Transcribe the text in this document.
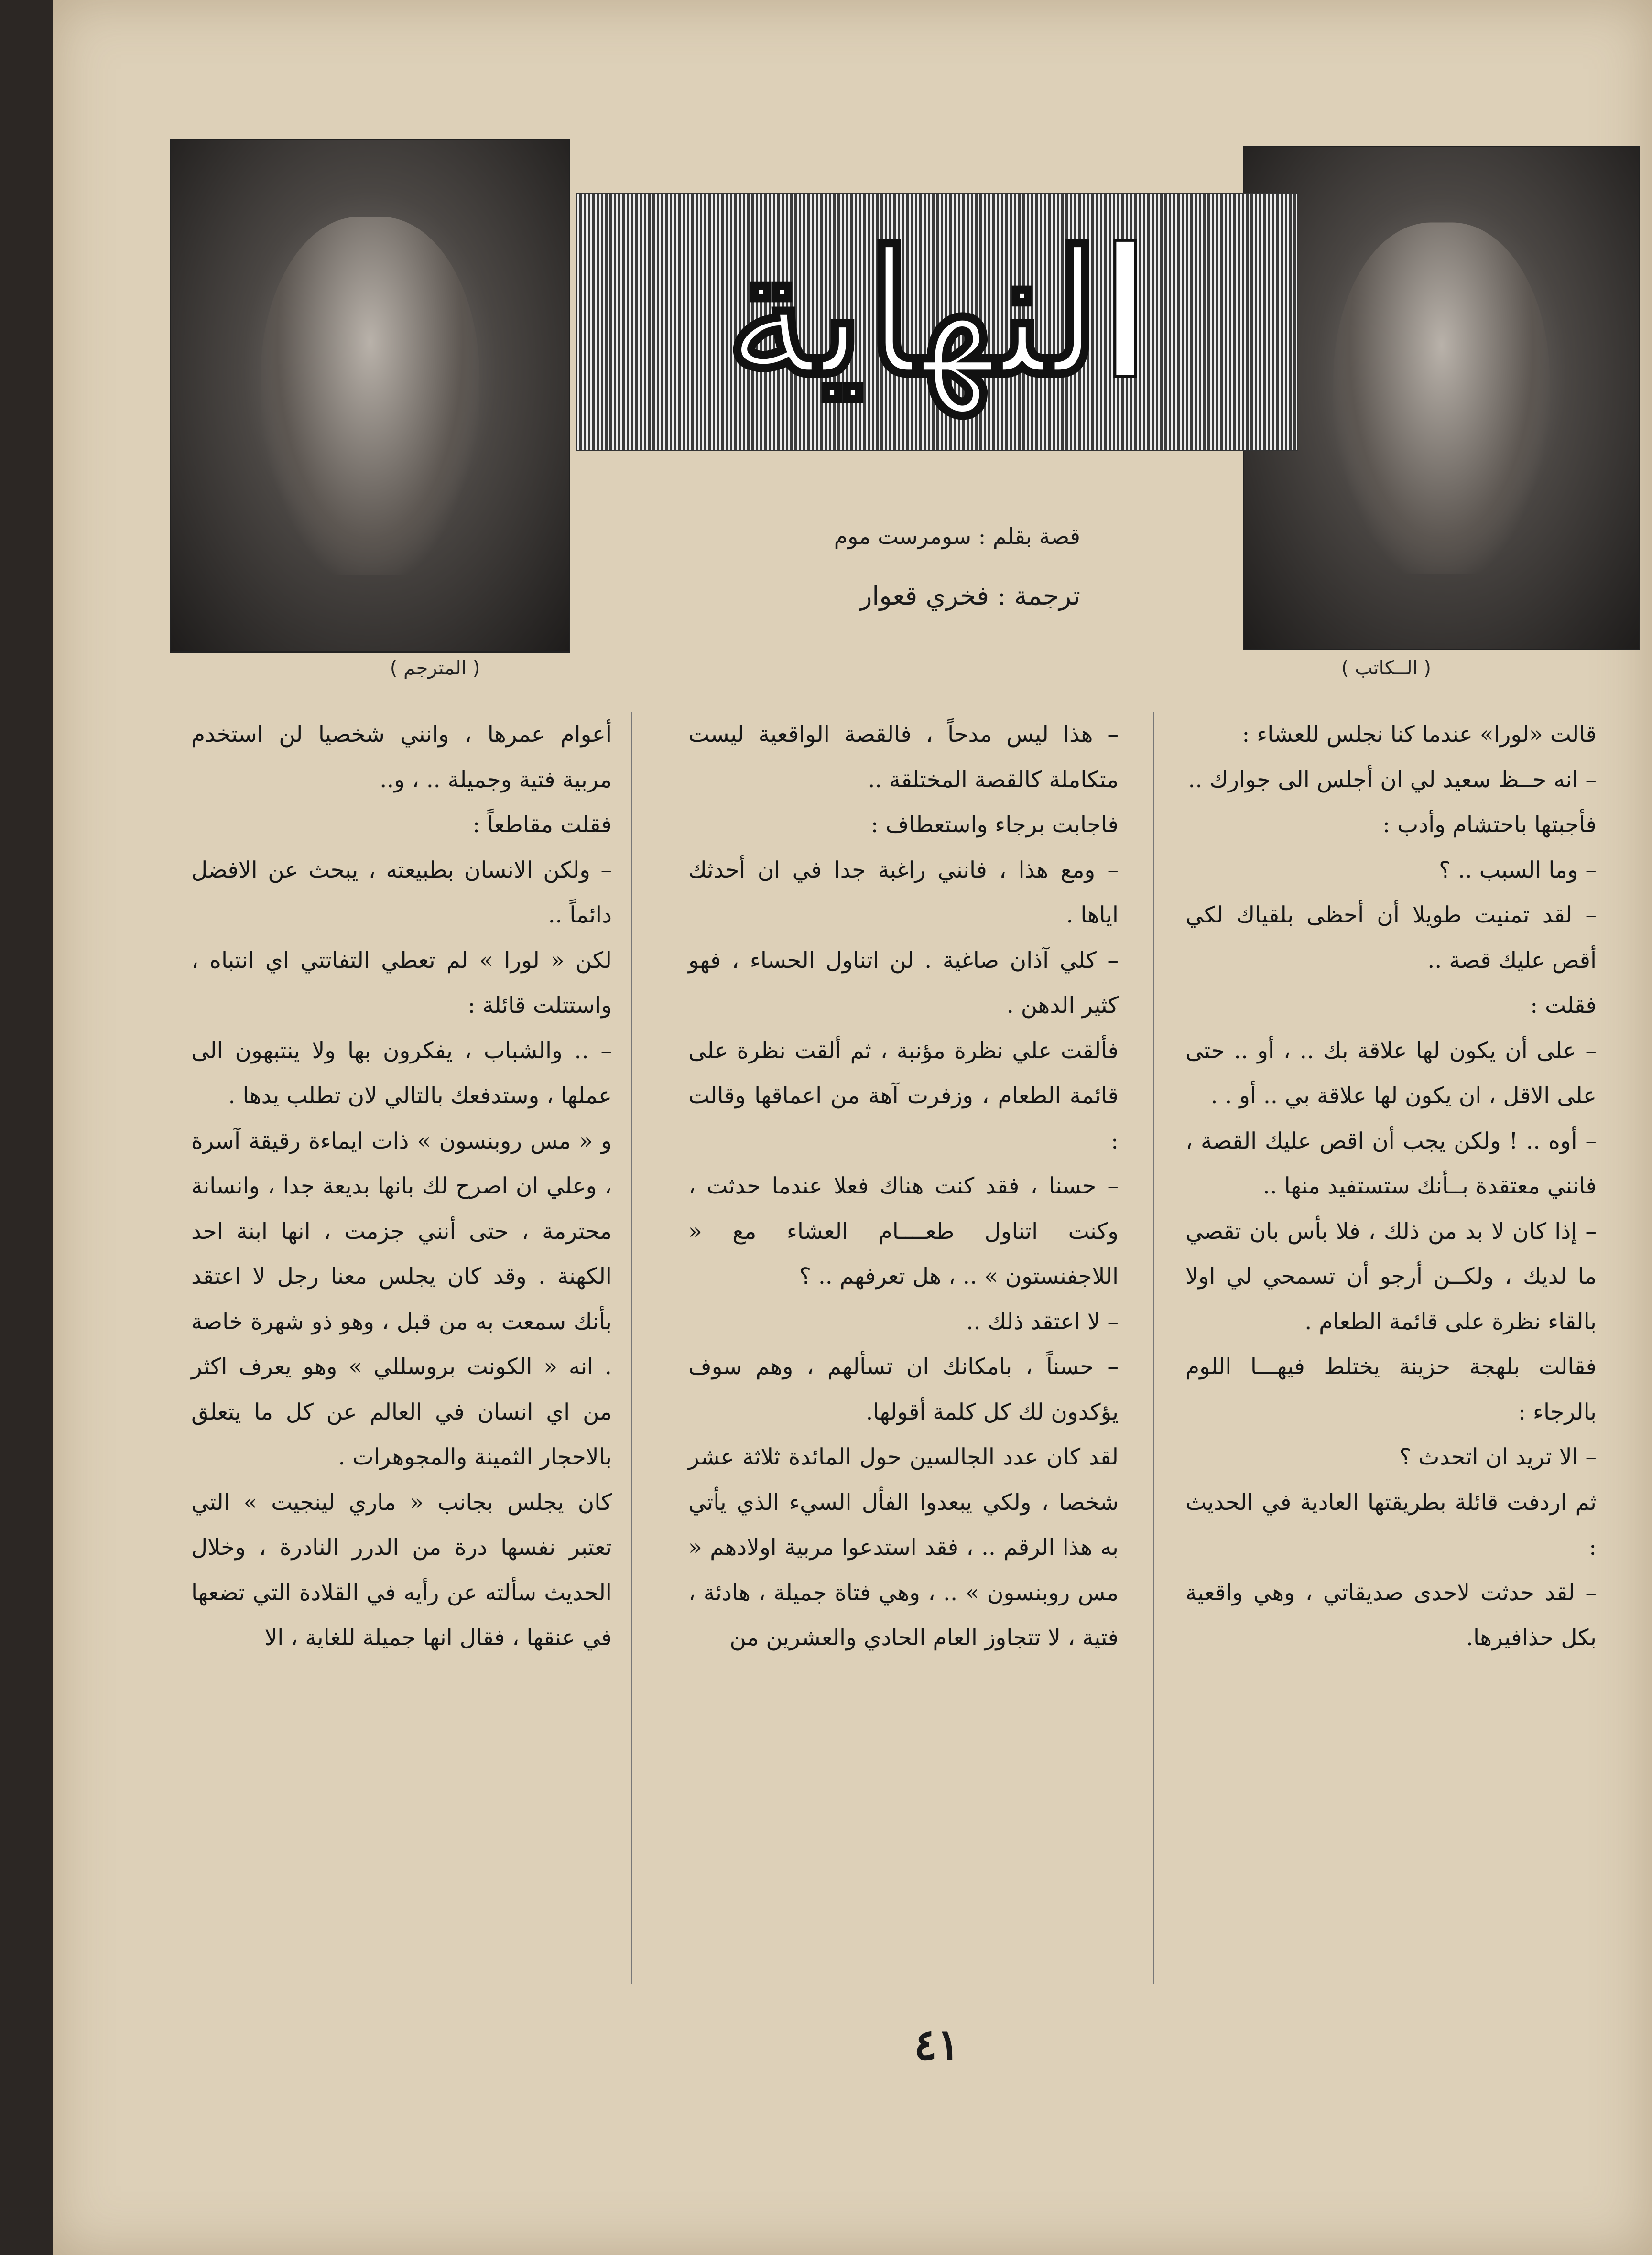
( المترجم )	( الــكاتب )
النهاية
قصة بقلم : سومرست موم
ترجمة : فخري قعوار

قالت «لورا» عندما كنا نجلس للعشاء :

– انه حــظ سعيد لي ان أجلس الى جوارك ..

فأجبتها باحتشام وأدب :

– وما السبب .. ؟

– لقد تمنيت طويلا أن أحظى بلقياك لكي أقص عليك قصة ..

فقلت :

– على أن يكون لها علاقة بك .. ، أو .. حتى على الاقل ، ان يكون لها علاقة بي .. أو . .

– أوه .. ! ولكن يجب أن اقص عليك القصة ، فانني معتقدة بــأنك ستستفيد منها ..

– إذا كان لا بد من ذلك ، فلا بأس بان تقصي ما لديك ، ولكــن أرجو أن تسمحي لي اولا بالقاء نظرة على قائمة الطعام .

فقالت بلهجة حزينة يختلط فيهـــا اللوم بالرجاء :

– الا تريد ان اتحدث ؟

ثم اردفت قائلة بطريقتها العادية في الحديث :

– لقد حدثت لاحدى صديقاتي ، وهي واقعية بكل حذافيرها.

– هذا ليس مدحاً ، فالقصة الواقعية ليست متكاملة كالقصة المختلقة ..

فاجابت برجاء واستعطاف :

– ومع هذا ، فانني راغبة جدا في ان أحدثك اياها .

– كلي آذان صاغية . لن اتناول الحساء ، فهو كثير الدهن .

فألقت علي نظرة مؤنبة ، ثم ألقت نظرة على قائمة الطعام ، وزفرت آهة من اعماقها وقالت :

– حسنا ، فقد كنت هناك فعلا عندما حدثت ، وكنت اتناول طعــــام العشاء مع « اللاجفنستون » .. ، هل تعرفهم .. ؟

– لا اعتقد ذلك ..

– حسناً ، بامكانك ان تسألهم ، وهم سوف يؤكدون لك كل كلمة أقولها.

لقد كان عدد الجالسين حول المائدة ثلاثة عشر شخصا ، ولكي يبعدوا الفأل السيء الذي يأتي به هذا الرقم .. ، فقد استدعوا مربية اولادهم « مس روبنسون » .. ، وهي فتاة جميلة ، هادئة ، فتية ، لا تتجاوز العام الحادي والعشرين من

أعوام عمرها ، وانني شخصيا لن استخدم مربية فتية وجميلة .. ، و..

فقلت مقاطعاً :

– ولكن الانسان بطبيعته ، يبحث عن الافضل دائماً ..

لكن « لورا » لم تعطي التفاتتي اي انتباه ، واستتلت قائلة :

– .. والشباب ، يفكرون بها ولا ينتبهون الى عملها ، وستدفعك بالتالي لان تطلب يدها .

و « مس روبنسون » ذات ايماءة رقيقة آسرة ، وعلي ان اصرح لك بانها بديعة جدا ، وانسانة محترمة ، حتى أنني جزمت ، انها ابنة احد الكهنة . وقد كان يجلس معنا رجل لا اعتقد بأنك سمعت به من قبل ، وهو ذو شهرة خاصة . انه « الكونت بروسللي » وهو يعرف اكثر من اي انسان في العالم عن كل ما يتعلق بالاحجار الثمينة والمجوهرات .

كان يجلس بجانب « ماري لينجيت » التي تعتبر نفسها درة من الدرر النادرة ، وخلال الحديث سألته عن رأيه في القلادة التي تضعها في عنقها ، فقال انها جميلة للغاية ، الا

٤١
